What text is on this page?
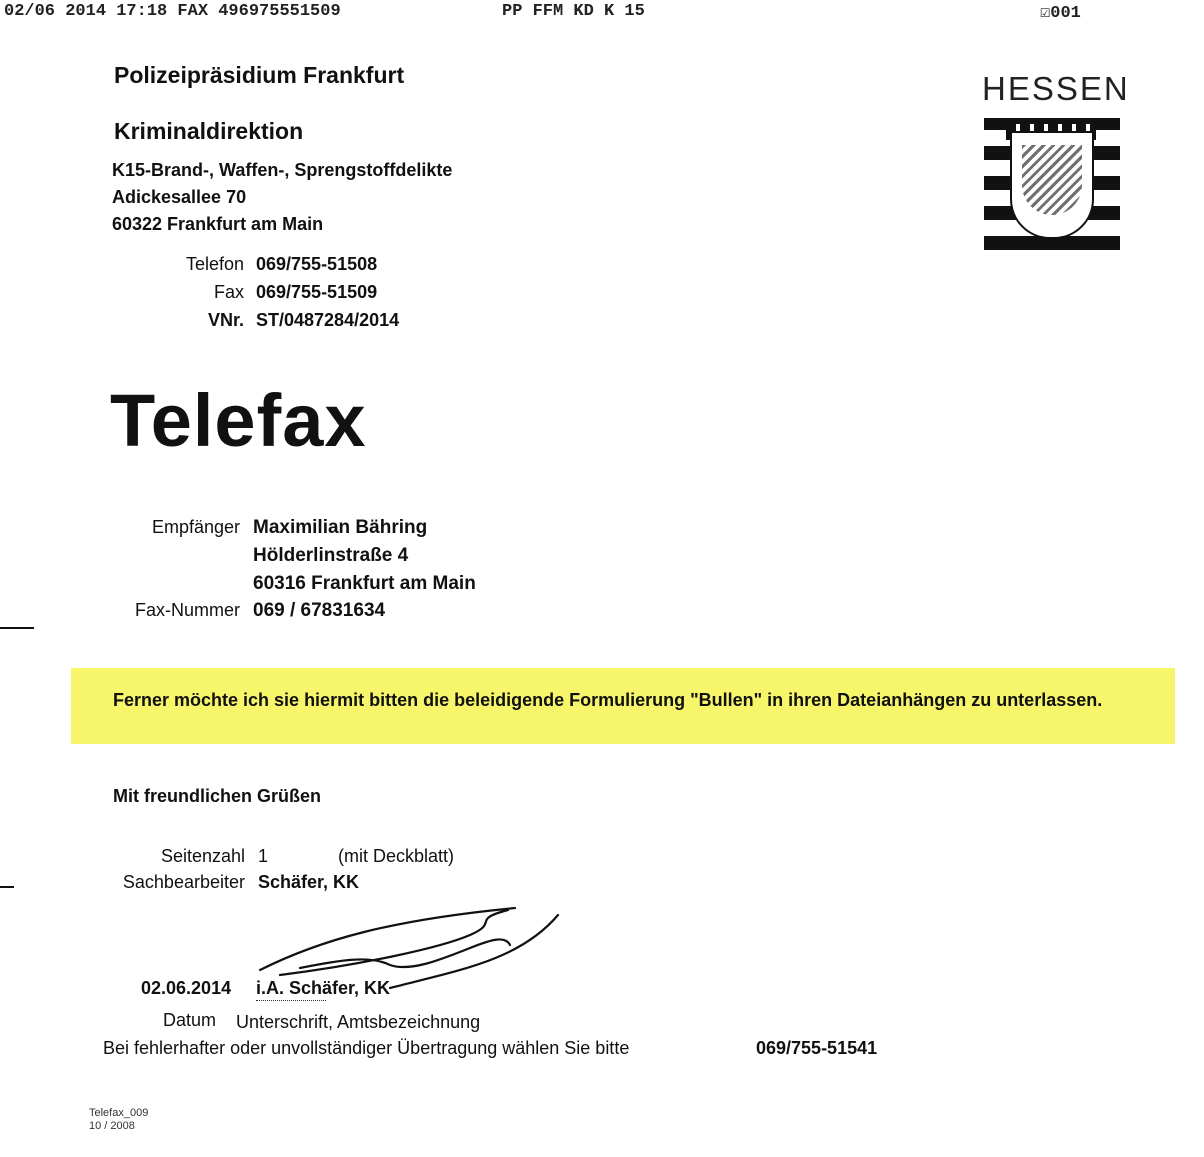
02/06 2014 17:18 FAX 496975551509	PP FFM KD K 15	☑001
Polizeipräsidium Frankfurt
Kriminaldirektion
K15-Brand-, Waffen-, Sprengstoffdelikte
Adickesallee 70
60322 Frankfurt am Main
Telefon 069/755-51508
Fax 069/755-51509
VNr. ST/0487284/2014
HESSEN
Telefax
Empfänger Maximilian Bähring
Hölderlinstraße 4
60316 Frankfurt am Main
Fax-Nummer 069 / 67831634
Ferner möchte ich sie hiermit bitten die beleidigende Formulierung "Bullen" in ihren Dateianhängen zu unterlassen.
Mit freundlichen Grüßen
Seitenzahl 1	(mit Deckblatt)
Sachbearbeiter Schäfer, KK
02.06.2014 i.A. Schäfer, KK
Datum Unterschrift, Amtsbezeichnung
Bei fehlerhafter oder unvollständiger Übertragung wählen Sie bitte	069/755-51541
Telefax_009
10 / 2008
